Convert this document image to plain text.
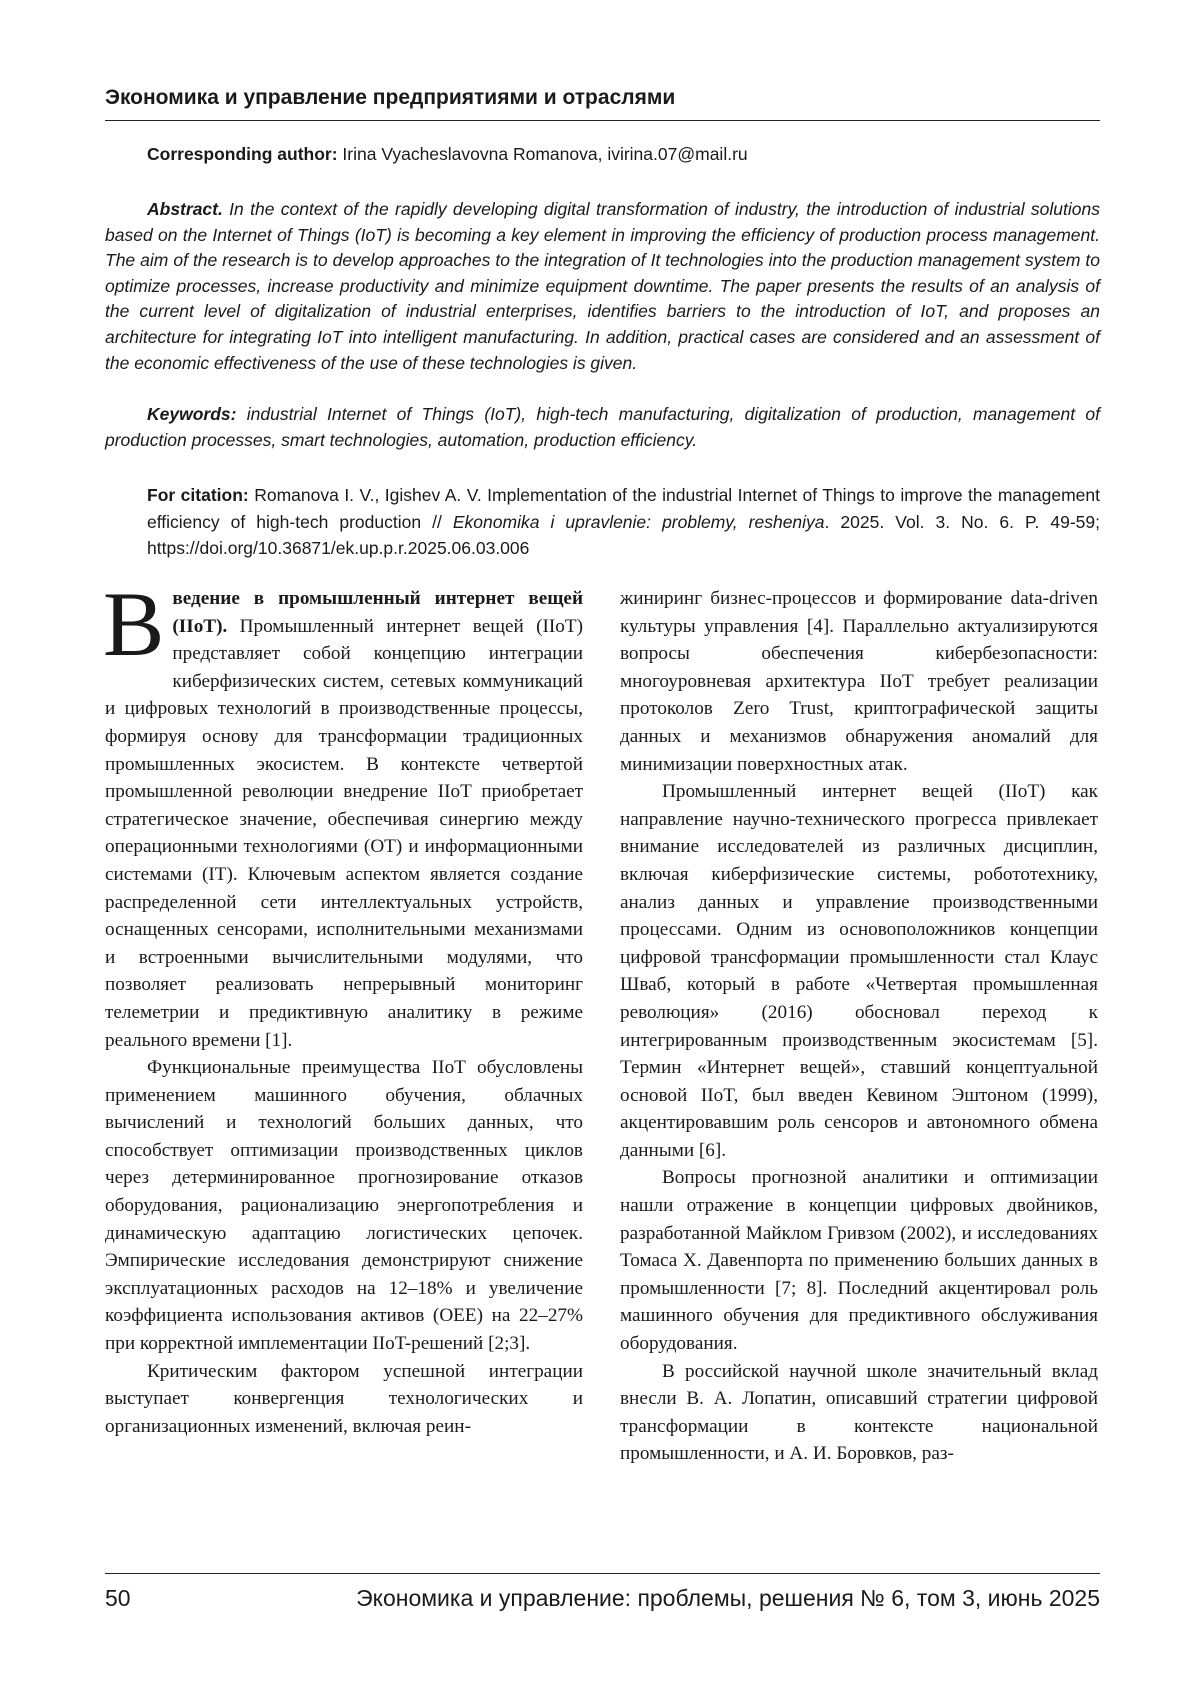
Экономика и управление предприятиями и отраслями
Corresponding author: Irina Vyacheslavovna Romanova, ivirina.07@mail.ru
Abstract. In the context of the rapidly developing digital transformation of industry, the introduction of industrial solutions based on the Internet of Things (IoT) is becoming a key element in improving the efficiency of production process management. The aim of the research is to develop approaches to the integration of It technologies into the production management system to optimize processes, increase productivity and minimize equipment downtime. The paper presents the results of an analysis of the current level of digitalization of industrial enterprises, identifies barriers to the introduction of IoT, and proposes an architecture for integrating IoT into intelligent manufacturing. In addition, practical cases are considered and an assessment of the economic effectiveness of the use of these technologies is given.
Keywords: industrial Internet of Things (IoT), high-tech manufacturing, digitalization of production, management of production processes, smart technologies, automation, production efficiency.
For citation: Romanova I. V., Igishev A. V. Implementation of the industrial Internet of Things to improve the management efficiency of high-tech production // Ekonomika i upravlenie: problemy, resheniya. 2025. Vol. 3. No. 6. P. 49-59; https://doi.org/10.36871/ek.up.p.r.2025.06.03.006

Введение в промышленный интернет вещей (IIoT). Промышленный интернет вещей (IIoT) представляет собой концепцию интеграции киберфизических систем, сетевых коммуникаций и цифровых технологий в производственные процессы, формируя основу для трансформации традиционных промышленных экосистем. В контексте четвертой промышленной революции внедрение IIoT приобретает стратегическое значение, обеспечивая синергию между операционными технологиями (OT) и информационными системами (IT). Ключевым аспектом является создание распределенной сети интеллектуальных устройств, оснащенных сенсорами, исполнительными механизмами и встроенными вычислительными модулями, что позволяет реализовать непрерывный мониторинг телеметрии и предиктивную аналитику в режиме реального времени [1].

Функциональные преимущества IIoT обусловлены применением машинного обучения, облачных вычислений и технологий больших данных, что способствует оптимизации производственных циклов через детерминированное прогнозирование отказов оборудования, рационализацию энергопотребления и динамическую адаптацию логистических цепочек. Эмпирические исследования демонстрируют снижение эксплуатационных расходов на 12–18% и увеличение коэффициента использования активов (OEE) на 22–27% при корректной имплементации IIoT-решений [2;3].

Критическим фактором успешной интеграции выступает конвергенция технологических и организационных изменений, включая реин-

жиниринг бизнес-процессов и формирование data-driven культуры управления [4]. Параллельно актуализируются вопросы обеспечения кибербезопасности: многоуровневая архитектура IIoT требует реализации протоколов Zero Trust, криптографической защиты данных и механизмов обнаружения аномалий для минимизации поверхностных атак.

Промышленный интернет вещей (IIoT) как направление научно-технического прогресса привлекает внимание исследователей из различных дисциплин, включая киберфизические системы, робототехнику, анализ данных и управление производственными процессами. Одним из основоположников концепции цифровой трансформации промышленности стал Клаус Шваб, который в работе «Четвертая промышленная революция» (2016) обосновал переход к интегрированным производственным экосистемам [5]. Термин «Интернет вещей», ставший концептуальной основой IIoT, был введен Кевином Эштоном (1999), акцентировавшим роль сенсоров и автономного обмена данными [6].

Вопросы прогнозной аналитики и оптимизации нашли отражение в концепции цифровых двойников, разработанной Майклом Гривзом (2002), и исследованиях Томаса Х. Давенпорта по применению больших данных в промышленности [7; 8]. Последний акцентировал роль машинного обучения для предиктивного обслуживания оборудования.

В российской научной школе значительный вклад внесли В. А. Лопатин, описавший стратегии цифровой трансформации в контексте национальной промышленности, и А. И. Боровков, раз-

50	Экономика и управление: проблемы, решения № 6, том 3, июнь 2025
